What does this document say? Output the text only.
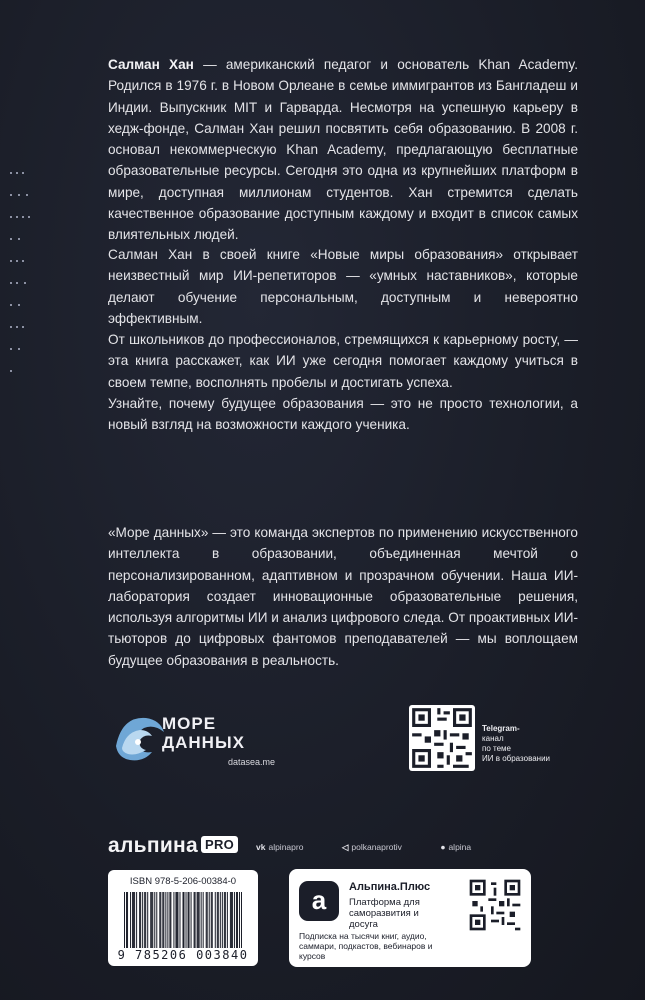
Салман Хан — американский педагог и основатель Khan Academy. Родился в 1976 г. в Новом Орлеане в семье иммигрантов из Бангладеш и Индии. Выпускник MIT и Гарварда. Несмотря на успешную карьеру в хедж-фонде, Салман Хан решил посвятить себя образованию. В 2008 г. основал некоммерческую Khan Academy, предлагающую бесплатные образовательные ресурсы. Сегодня это одна из крупнейших платформ в мире, доступная миллионам студентов. Хан стремится сделать качественное образование доступным каждому и входит в список самых влиятельных людей.

Салман Хан в своей книге «Новые миры образования» открывает неизвестный мир ИИ-репетиторов — «умных наставников», которые делают обучение персональным, доступным и невероятно эффективным.

От школьников до профессионалов, стремящихся к карьерному росту, — эта книга расскажет, как ИИ уже сегодня помогает каждому учиться в своем темпе, восполнять пробелы и достигать успеха.

Узнайте, почему будущее образования — это не просто технологии, а новый взгляд на возможности каждого ученика.

«Море данных» — это команда экспертов по применению искусственного интеллекта в образовании, объединенная мечтой о персонализированном, адаптивном и прозрачном обучении. Наша ИИ-лаборатория создает инновационные образовательные решения, используя алгоритмы ИИ и анализ цифрового следа. От проактивных ИИ-тьюторов до цифровых фантомов преподавателей — мы воплощаем будущее образования в реальность.

МОРЕ ДАННЫХ
datasea.me
Telegram-
канал
по теме
ИИ в образовании
альпина PRO	vk alpinapro	◁ polkanaprotiv	● alpina
ISBN 978-5-206-00384-0
9 785206 003840
a	Альпина.Плюс
Платформа для саморазвития и досуга
Подписка на тысячи книг, аудио, саммари, подкастов, вебинаров и курсов
